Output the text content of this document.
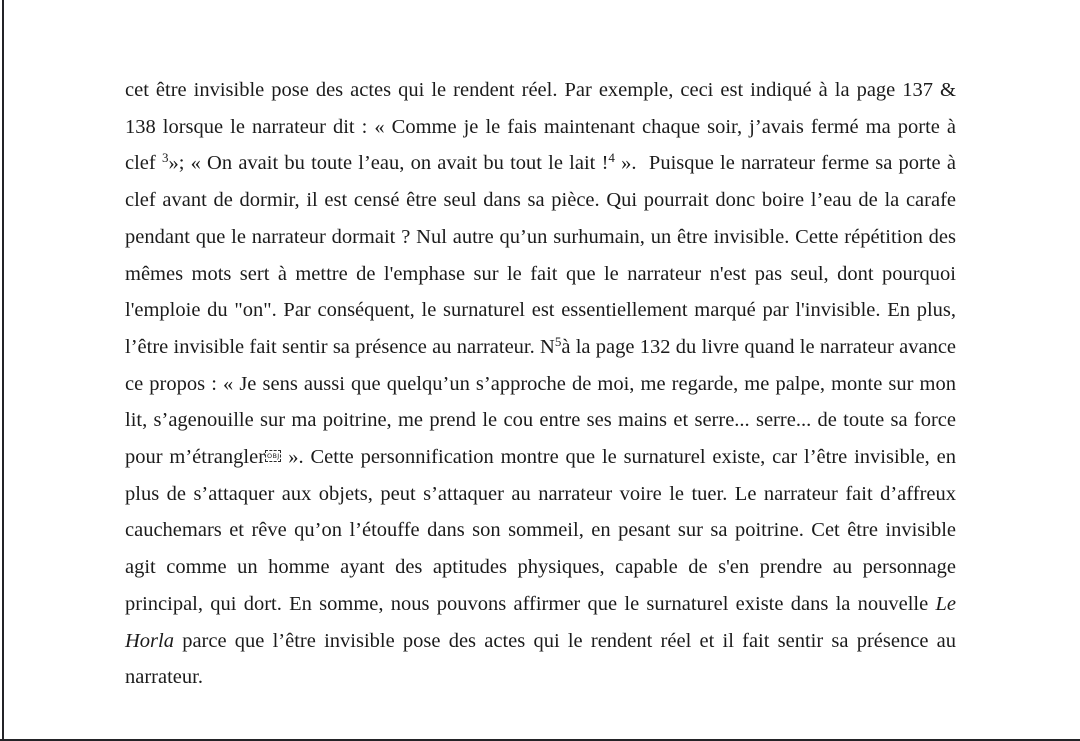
cet être invisible pose des actes qui le rendent réel. Par exemple, ceci est indiqué à la page 137 & 138 lorsque le narrateur dit : « Comme je le fais maintenant chaque soir, j’avais fermé ma porte à clef $^3$»; « On avait bu toute l’eau, on avait bu tout le lait !$^4$ ».  Puisque le narrateur ferme sa porte à clef avant de dormir, il est censé être seul dans sa pièce. Qui pourrait donc boire l’eau de la carafe pendant que le narrateur dormait ? Nul autre qu’un surhumain, un être invisible. Cette répétition des mêmes mots sert à mettre de l'emphase sur le fait que le narrateur n'est pas seul, dont pourquoi l'emploie du "on". Par conséquent, le surnaturel est essentiellement marqué par l'invisible. En plus, l’être invisible fait sentir sa présence au narrateur. $N^5à$ la page 132 du livre quand le narrateur avance ce propos : « Je sens aussi que quelqu’un s’approche de moi, me regarde, me palpe, monte sur mon lit, s’agenouille sur ma poitrine, me prend le cou entre ses mains et serre... serre... de toute sa force pour m’étrangler OBJ ». Cette personnification montre que le surnaturel existe, car l’être invisible, en plus de s’attaquer aux objets, peut s’attaquer au narrateur voire le tuer. Le narrateur fait d’affreux cauchemars et rêve qu’on l’étouffe dans son sommeil, en pesant sur sa poitrine. Cet être invisible agit comme un homme ayant des aptitudes physiques, capable de s'en prendre au personnage principal, qui dort. En somme, nous pouvons affirmer que le surnaturel existe dans la nouvelle Le Horla parce que l’être invisible pose des actes qui le rendent réel et il fait sentir sa présence au narrateur.
